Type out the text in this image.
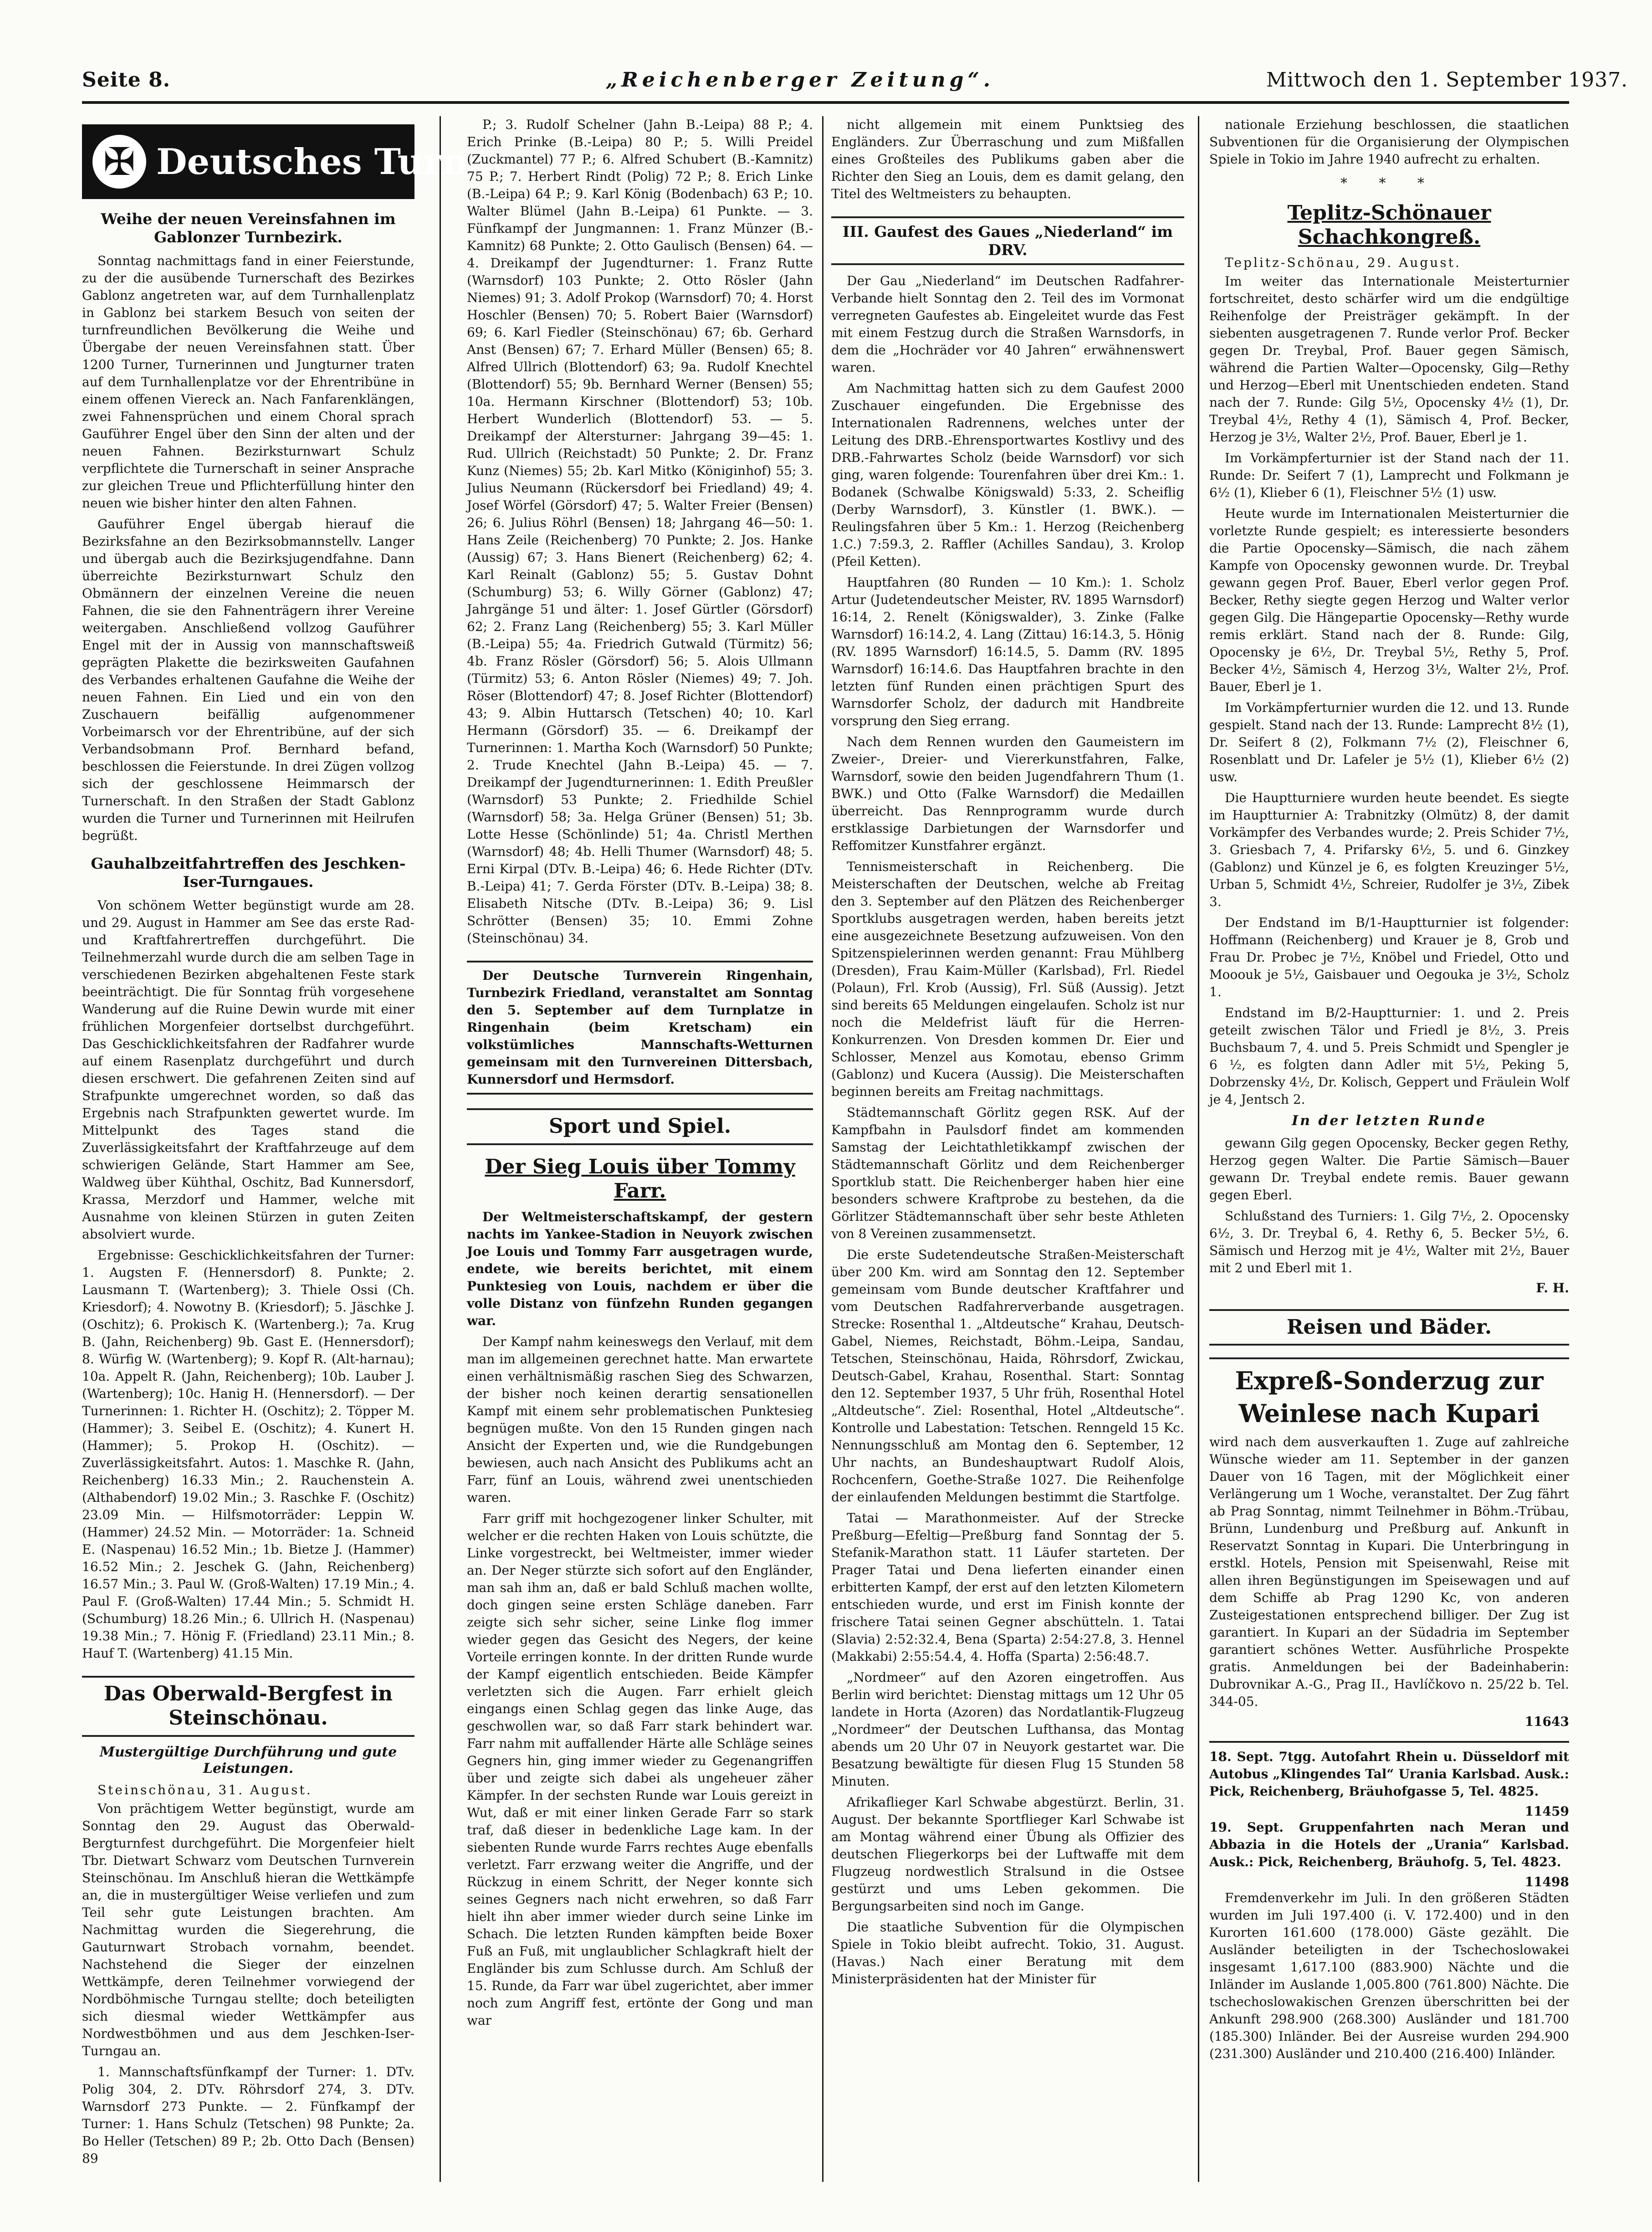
Seite 8.	„Reichenberger Zeitung“.	Mittwoch den 1. September 1937.
✠ Deutsches Turnen
Weihe der neuen Vereinsfahnen im Gablonzer Turnbezirk.

Sonntag nachmittags fand in einer Feierstunde, zu der die ausübende Turnerschaft des Bezirkes Gablonz angetreten war, auf dem Turnhallenplatz in Gablonz bei starkem Besuch von seiten der turnfreundlichen Bevölkerung die Weihe und Übergabe der neuen Vereinsfahnen statt. Über 1200 Turner, Turnerinnen und Jungturner traten auf dem Turnhallenplatze vor der Ehrentribüne in einem offenen Viereck an. Nach Fanfarenklängen, zwei Fahnensprüchen und einem Choral sprach Gauführer Engel über den Sinn der alten und der neuen Fahnen. Bezirksturnwart Schulz verpflichtete die Turnerschaft in seiner Ansprache zur gleichen Treue und Pflichterfüllung hinter den neuen wie bisher hinter den alten Fahnen.

Gauführer Engel übergab hierauf die Bezirksfahne an den Bezirksobmannstellv. Langer und übergab auch die Bezirksjugendfahne. Dann überreichte Bezirksturnwart Schulz den Obmännern der einzelnen Vereine die neuen Fahnen, die sie den Fahnenträgern ihrer Vereine weitergaben. Anschließend vollzog Gauführer Engel mit der in Aussig von mannschaftsweiß geprägten Plakette die bezirksweiten Gaufahnen des Verbandes erhaltenen Gaufahne die Weihe der neuen Fahnen. Ein Lied und ein von den Zuschauern beifällig aufgenommener Vorbeimarsch vor der Ehrentribüne, auf der sich Verbandsobmann Prof. Bernhard befand, beschlossen die Feierstunde. In drei Zügen vollzog sich der geschlossene Heimmarsch der Turnerschaft. In den Straßen der Stadt Gablonz wurden die Turner und Turnerinnen mit Heilrufen begrüßt.

Gauhalbzeitfahrtreffen des Jeschken-Iser-Turngaues.

Von schönem Wetter begünstigt wurde am 28. und 29. August in Hammer am See das erste Rad- und Kraftfahrertreffen durchgeführt. Die Teilnehmerzahl wurde durch die am selben Tage in verschiedenen Bezirken abgehaltenen Feste stark beeinträchtigt. Die für Sonntag früh vorgesehene Wanderung auf die Ruine Dewin wurde mit einer frühlichen Morgenfeier dortselbst durchgeführt. Das Geschicklichkeitsfahren der Radfahrer wurde auf einem Rasenplatz durchgeführt und durch diesen erschwert. Die gefahrenen Zeiten sind auf Strafpunkte umgerechnet worden, so daß das Ergebnis nach Strafpunkten gewertet wurde. Im Mittelpunkt des Tages stand die Zuverlässigkeitsfahrt der Kraftfahrzeuge auf dem schwierigen Gelände, Start Hammer am See, Waldweg über Kühthal, Oschitz, Bad Kunnersdorf, Krassa, Merzdorf und Hammer, welche mit Ausnahme von kleinen Stürzen in guten Zeiten absolviert wurde.

Ergebnisse: Geschicklichkeitsfahren der Turner: 1. Augsten F. (Hennersdorf) 8. Punkte; 2. Lausmann T. (Wartenberg); 3. Thiele Ossi (Ch. Kriesdorf); 4. Nowotny B. (Kriesdorf); 5. Jäschke J. (Oschitz); 6. Prokisch K. (Wartenberg.); 7a. Krug B. (Jahn, Reichenberg) 9b. Gast E. (Hennersdorf); 8. Würfig W. (Wartenberg); 9. Kopf R. (Alt-harnau); 10a. Appelt R. (Jahn, Reichenberg); 10b. Lauber J. (Wartenberg); 10c. Hanig H. (Hennersdorf). — Der Turnerinnen: 1. Richter H. (Oschitz); 2. Töpper M. (Hammer); 3. Seibel E. (Oschitz); 4. Kunert H. (Hammer); 5. Prokop H. (Oschitz). — Zuverlässigkeitsfahrt. Autos: 1. Maschke R. (Jahn, Reichenberg) 16.33 Min.; 2. Rauchenstein A. (Althabendorf) 19.02 Min.; 3. Raschke F. (Oschitz) 23.09 Min. — Hilfsmotorräder: Leppin W. (Hammer) 24.52 Min. — Motorräder: 1a. Schneid E. (Naspenau) 16.52 Min.; 1b. Bietze J. (Hammer) 16.52 Min.; 2. Jeschek G. (Jahn, Reichenberg) 16.57 Min.; 3. Paul W. (Groß-Walten) 17.19 Min.; 4. Paul F. (Groß-Walten) 17.44 Min.; 5. Schmidt H. (Schumburg) 18.26 Min.; 6. Ullrich H. (Naspenau) 19.38 Min.; 7. Hönig F. (Friedland) 23.11 Min.; 8. Hauf T. (Wartenberg) 41.15 Min.

Das Oberwald-Bergfest in Steinschönau.
Mustergültige Durchführung und gute Leistungen.
Steinschönau, 31. August.

Von prächtigem Wetter begünstigt, wurde am Sonntag den 29. August das Oberwald-Bergturnfest durchgeführt. Die Morgenfeier hielt Tbr. Dietwart Schwarz vom Deutschen Turnverein Steinschönau. Im Anschluß hieran die Wettkämpfe an, die in mustergültiger Weise verliefen und zum Teil sehr gute Leistungen brachten. Am Nachmittag wurden die Siegerehrung, die Gauturnwart Strobach vornahm, beendet. Nachstehend die Sieger der einzelnen Wettkämpfe, deren Teilnehmer vorwiegend der Nordböhmische Turngau stellte; doch beteiligten sich diesmal wieder Wettkämpfer aus Nordwestböhmen und aus dem Jeschken-Iser-Turngau an.

1. Mannschaftsfünfkampf der Turner: 1. DTv. Polig 304, 2. DTv. Röhrsdorf 274, 3. DTv. Warnsdorf 273 Punkte. — 2. Fünfkampf der Turner: 1. Hans Schulz (Tetschen) 98 Punkte; 2a. Bo Heller (Tetschen) 89 P.; 2b. Otto Dach (Bensen) 89

P.; 3. Rudolf Schelner (Jahn B.-Leipa) 88 P.; 4. Erich Prinke (B.-Leipa) 80 P.; 5. Willi Preidel (Zuckmantel) 77 P.; 6. Alfred Schubert (B.-Kamnitz) 75 P.; 7. Herbert Rindt (Polig) 72 P.; 8. Erich Linke (B.-Leipa) 64 P.; 9. Karl König (Bodenbach) 63 P.; 10. Walter Blümel (Jahn B.-Leipa) 61 Punkte. — 3. Fünfkampf der Jungmannen: 1. Franz Münzer (B.-Kamnitz) 68 Punkte; 2. Otto Gaulisch (Bensen) 64. — 4. Dreikampf der Jugendturner: 1. Franz Rutte (Warnsdorf) 103 Punkte; 2. Otto Rösler (Jahn Niemes) 91; 3. Adolf Prokop (Warnsdorf) 70; 4. Horst Hoschler (Bensen) 70; 5. Robert Baier (Warnsdorf) 69; 6. Karl Fiedler (Steinschönau) 67; 6b. Gerhard Anst (Bensen) 67; 7. Erhard Müller (Bensen) 65; 8. Alfred Ullrich (Blottendorf) 63; 9a. Rudolf Knechtel (Blottendorf) 55; 9b. Bernhard Werner (Bensen) 55; 10a. Hermann Kirschner (Blottendorf) 53; 10b. Herbert Wunderlich (Blottendorf) 53. — 5. Dreikampf der Altersturner: Jahrgang 39—45: 1. Rud. Ullrich (Reichstadt) 50 Punkte; 2. Dr. Franz Kunz (Niemes) 55; 2b. Karl Mitko (Königinhof) 55; 3. Julius Neumann (Rückersdorf bei Friedland) 49; 4. Josef Wörfel (Görsdorf) 47; 5. Walter Freier (Bensen) 26; 6. Julius Röhrl (Bensen) 18; Jahrgang 46—50: 1. Hans Zeile (Reichenberg) 70 Punkte; 2. Jos. Hanke (Aussig) 67; 3. Hans Bienert (Reichenberg) 62; 4. Karl Reinalt (Gablonz) 55; 5. Gustav Dohnt (Schumburg) 53; 6. Willy Görner (Gablonz) 47; Jahrgänge 51 und älter: 1. Josef Gürtler (Görsdorf) 62; 2. Franz Lang (Reichenberg) 55; 3. Karl Müller (B.-Leipa) 55; 4a. Friedrich Gutwald (Türmitz) 56; 4b. Franz Rösler (Görsdorf) 56; 5. Alois Ullmann (Türmitz) 53; 6. Anton Rösler (Niemes) 49; 7. Joh. Röser (Blottendorf) 47; 8. Josef Richter (Blottendorf) 43; 9. Albin Huttarsch (Tetschen) 40; 10. Karl Hermann (Görsdorf) 35. — 6. Dreikampf der Turnerinnen: 1. Martha Koch (Warnsdorf) 50 Punkte; 2. Trude Knechtel (Jahn B.-Leipa) 45. — 7. Dreikampf der Jugendturnerinnen: 1. Edith Preußler (Warnsdorf) 53 Punkte; 2. Friedhilde Schiel (Warnsdorf) 58; 3a. Helga Grüner (Bensen) 51; 3b. Lotte Hesse (Schönlinde) 51; 4a. Christl Merthen (Warnsdorf) 48; 4b. Helli Thumer (Warnsdorf) 48; 5. Erni Kirpal (DTv. B.-Leipa) 46; 6. Hede Richter (DTv. B.-Leipa) 41; 7. Gerda Förster (DTv. B.-Leipa) 38; 8. Elisabeth Nitsche (DTv. B.-Leipa) 36; 9. Lisl Schrötter (Bensen) 35; 10. Emmi Zohne (Steinschönau) 34.

Der Deutsche Turnverein Ringenhain, Turnbezirk Friedland, veranstaltet am Sonntag den 5. September auf dem Turnplatze in Ringenhain (beim Kretscham) ein volkstümliches Mannschafts-Wetturnen gemeinsam mit den Turnvereinen Dittersbach, Kunnersdorf und Hermsdorf.

Sport und Spiel.
Der Sieg Louis über Tommy Farr.

Der Weltmeisterschaftskampf, der gestern nachts im Yankee-Stadion in Neuyork zwischen Joe Louis und Tommy Farr ausgetragen wurde, endete, wie bereits berichtet, mit einem Punktesieg von Louis, nachdem er über die volle Distanz von fünfzehn Runden gegangen war.

Der Kampf nahm keineswegs den Verlauf, mit dem man im allgemeinen gerechnet hatte. Man erwartete einen verhältnismäßig raschen Sieg des Schwarzen, der bisher noch keinen derartig sensationellen Kampf mit einem sehr problematischen Punktesieg begnügen mußte. Von den 15 Runden gingen nach Ansicht der Experten und, wie die Rundgebungen bewiesen, auch nach Ansicht des Publikums acht an Farr, fünf an Louis, während zwei unentschieden waren.

Farr griff mit hochgezogener linker Schulter, mit welcher er die rechten Haken von Louis schützte, die Linke vorgestreckt, bei Weltmeister, immer wieder an. Der Neger stürzte sich sofort auf den Engländer, man sah ihm an, daß er bald Schluß machen wollte, doch gingen seine ersten Schläge daneben. Farr zeigte sich sehr sicher, seine Linke flog immer wieder gegen das Gesicht des Negers, der keine Vorteile erringen konnte. In der dritten Runde wurde der Kampf eigentlich entschieden. Beide Kämpfer verletzten sich die Augen. Farr erhielt gleich eingangs einen Schlag gegen das linke Auge, das geschwollen war, so daß Farr stark behindert war. Farr nahm mit auffallender Härte alle Schläge seines Gegners hin, ging immer wieder zu Gegenangriffen über und zeigte sich dabei als ungeheuer zäher Kämpfer. In der sechsten Runde war Louis gereizt in Wut, daß er mit einer linken Gerade Farr so stark traf, daß dieser in bedenkliche Lage kam. In der siebenten Runde wurde Farrs rechtes Auge ebenfalls verletzt. Farr erzwang weiter die Angriffe, und der Rückzug in einem Schritt, der Neger konnte sich seines Gegners nach nicht erwehren, so daß Farr hielt ihn aber immer wieder durch seine Linke im Schach. Die letzten Runden kämpften beide Boxer Fuß an Fuß, mit unglaublicher Schlagkraft hielt der Engländer bis zum Schlusse durch. Am Schluß der 15. Runde, da Farr war übel zugerichtet, aber immer noch zum Angriff fest, ertönte der Gong und man war

nicht allgemein mit einem Punktsieg des Engländers. Zur Überraschung und zum Mißfallen eines Großteiles des Publikums gaben aber die Richter den Sieg an Louis, dem es damit gelang, den Titel des Weltmeisters zu behaupten.

III. Gaufest des Gaues „Niederland“ im DRV.

Der Gau „Niederland“ im Deutschen Radfahrer-Verbande hielt Sonntag den 2. Teil des im Vormonat verregneten Gaufestes ab. Eingeleitet wurde das Fest mit einem Festzug durch die Straßen Warnsdorfs, in dem die „Hochräder vor 40 Jahren“ erwähnenswert waren.

Am Nachmittag hatten sich zu dem Gaufest 2000 Zuschauer eingefunden. Die Ergebnisse des Internationalen Radrennens, welches unter der Leitung des DRB.-Ehrensportwartes Kostlivy und des DRB.-Fahrwartes Scholz (beide Warnsdorf) vor sich ging, waren folgende: Tourenfahren über drei Km.: 1. Bodanek (Schwalbe Königswald) 5:33, 2. Scheiflig (Derby Warnsdorf), 3. Künstler (1. BWK.). — Reulingsfahren über 5 Km.: 1. Herzog (Reichenberg 1.C.) 7:59.3, 2. Raffler (Achilles Sandau), 3. Krolop (Pfeil Ketten).

Hauptfahren (80 Runden — 10 Km.): 1. Scholz Artur (Judetendeutscher Meister, RV. 1895 Warnsdorf) 16:14, 2. Renelt (Königswalder), 3. Zinke (Falke Warnsdorf) 16:14.2, 4. Lang (Zittau) 16:14.3, 5. Hönig (RV. 1895 Warnsdorf) 16:14.5, 5. Damm (RV. 1895 Warnsdorf) 16:14.6. Das Hauptfahren brachte in den letzten fünf Runden einen prächtigen Spurt des Warnsdorfer Scholz, der dadurch mit Handbreite vorsprung den Sieg errang.

Nach dem Rennen wurden den Gaumeistern im Zweier-, Dreier- und Viererkunstfahren, Falke, Warnsdorf, sowie den beiden Jugendfahrern Thum (1. BWK.) und Otto (Falke Warnsdorf) die Medaillen überreicht. Das Rennprogramm wurde durch erstklassige Darbietungen der Warnsdorfer und Reffomitzer Kunstfahrer ergänzt.

Tennismeisterschaft in Reichenberg. Die Meisterschaften der Deutschen, welche ab Freitag den 3. September auf den Plätzen des Reichenberger Sportklubs ausgetragen werden, haben bereits jetzt eine ausgezeichnete Besetzung aufzuweisen. Von den Spitzenspielerinnen werden genannt: Frau Mühlberg (Dresden), Frau Kaim-Müller (Karlsbad), Frl. Riedel (Polaun), Frl. Krob (Aussig), Frl. Süß (Aussig). Jetzt sind bereits 65 Meldungen eingelaufen. Scholz ist nur noch die Meldefrist läuft für die Herren-Konkurrenzen. Von Dresden kommen Dr. Eier und Schlosser, Menzel aus Komotau, ebenso Grimm (Gablonz) und Kucera (Aussig). Die Meisterschaften beginnen bereits am Freitag nachmittags.

Städtemannschaft Görlitz gegen RSK. Auf der Kampfbahn in Paulsdorf findet am kommenden Samstag der Leichtathletikkampf zwischen der Städtemannschaft Görlitz und dem Reichenberger Sportklub statt. Die Reichenberger haben hier eine besonders schwere Kraftprobe zu bestehen, da die Görlitzer Städtemannschaft über sehr beste Athleten von 8 Vereinen zusammensetzt.

Die erste Sudetendeutsche Straßen-Meisterschaft über 200 Km. wird am Sonntag den 12. September gemeinsam vom Bunde deutscher Kraftfahrer und vom Deutschen Radfahrerverbande ausgetragen. Strecke: Rosenthal 1. „Altdeutsche“ Krahau, Deutsch-Gabel, Niemes, Reichstadt, Böhm.-Leipa, Sandau, Tetschen, Steinschönau, Haida, Röhrsdorf, Zwickau, Deutsch-Gabel, Krahau, Rosenthal. Start: Sonntag den 12. September 1937, 5 Uhr früh, Rosenthal Hotel „Altdeutsche“. Ziel: Rosenthal, Hotel „Altdeutsche“. Kontrolle und Labestation: Tetschen. Renngeld 15 Kc. Nennungsschluß am Montag den 6. September, 12 Uhr nachts, an Bundeshauptwart Rudolf Alois, Rochcenfern, Goethe-Straße 1027. Die Reihenfolge der einlaufenden Meldungen bestimmt die Startfolge.

Tatai — Marathonmeister. Auf der Strecke Preßburg—Efeltig—Preßburg fand Sonntag der 5. Stefanik-Marathon statt. 11 Läufer starteten. Der Prager Tatai und Dena lieferten einander einen erbitterten Kampf, der erst auf den letzten Kilometern entschieden wurde, und erst im Finish konnte der frischere Tatai seinen Gegner abschütteln. 1. Tatai (Slavia) 2:52:32.4, Bena (Sparta) 2:54:27.8, 3. Hennel (Makkabi) 2:55:54.4, 4. Hoffa (Sparta) 2:56:48.7.

„Nordmeer“ auf den Azoren eingetroffen. Aus Berlin wird berichtet: Dienstag mittags um 12 Uhr 05 landete in Horta (Azoren) das Nordatlantik-Flugzeug „Nordmeer“ der Deutschen Lufthansa, das Montag abends um 20 Uhr 07 in Neuyork gestartet war. Die Besatzung bewältigte für diesen Flug 15 Stunden 58 Minuten.

Afrikaflieger Karl Schwabe abgestürzt. Berlin, 31. August. Der bekannte Sportflieger Karl Schwabe ist am Montag während einer Übung als Offizier des deutschen Fliegerkorps bei der Luftwaffe mit dem Flugzeug nordwestlich Stralsund in die Ostsee gestürzt und ums Leben gekommen. Die Bergungsarbeiten sind noch im Gange.

Die staatliche Subvention für die Olympischen Spiele in Tokio bleibt aufrecht. Tokio, 31. August. (Havas.) Nach einer Beratung mit dem Ministerpräsidenten hat der Minister für

nationale Erziehung beschlossen, die staatlichen Subventionen für die Organisierung der Olympischen Spiele in Tokio im Jahre 1940 aufrecht zu erhalten.

* * *
Teplitz-Schönauer Schachkongreß.
Teplitz-Schönau, 29. August.

Im weiter das Internationale Meisterturnier fortschreitet, desto schärfer wird um die endgültige Reihenfolge der Preisträger gekämpft. In der siebenten ausgetragenen 7. Runde verlor Prof. Becker gegen Dr. Treybal, Prof. Bauer gegen Sämisch, während die Partien Walter—Opocensky, Gilg—Rethy und Herzog—Eberl mit Unentschieden endeten. Stand nach der 7. Runde: Gilg 5½, Opocensky 4½ (1), Dr. Treybal 4½, Rethy 4 (1), Sämisch 4, Prof. Becker, Herzog je 3½, Walter 2½, Prof. Bauer, Eberl je 1.

Im Vorkämpferturnier ist der Stand nach der 11. Runde: Dr. Seifert 7 (1), Lamprecht und Folkmann je 6½ (1), Klieber 6 (1), Fleischner 5½ (1) usw.

Heute wurde im Internationalen Meisterturnier die vorletzte Runde gespielt; es interessierte besonders die Partie Opocensky—Sämisch, die nach zähem Kampfe von Opocensky gewonnen wurde. Dr. Treybal gewann gegen Prof. Bauer, Eberl verlor gegen Prof. Becker, Rethy siegte gegen Herzog und Walter verlor gegen Gilg. Die Hängepartie Opocensky—Rethy wurde remis erklärt. Stand nach der 8. Runde: Gilg, Opocensky je 6½, Dr. Treybal 5½, Rethy 5, Prof. Becker 4½, Sämisch 4, Herzog 3½, Walter 2½, Prof. Bauer, Eberl je 1.

Im Vorkämpferturnier wurden die 12. und 13. Runde gespielt. Stand nach der 13. Runde: Lamprecht 8½ (1), Dr. Seifert 8 (2), Folkmann 7½ (2), Fleischner 6, Rosenblatt und Dr. Lafeler je 5½ (1), Klieber 6½ (2) usw.

Die Hauptturniere wurden heute beendet. Es siegte im Hauptturnier A: Trabnitzky (Olmütz) 8, der damit Vorkämpfer des Verbandes wurde; 2. Preis Schider 7½, 3. Griesbach 7, 4. Prifarsky 6½, 5. und 6. Ginzkey (Gablonz) und Künzel je 6, es folgten Kreuzinger 5½, Urban 5, Schmidt 4½, Schreier, Rudolfer je 3½, Zibek 3.

Der Endstand im B/1-Hauptturnier ist folgender: Hoffmann (Reichenberg) und Krauer je 8, Grob und Frau Dr. Probec je 7½, Knöbel und Friedel, Otto und Mooouk je 5½, Gaisbauer und Oegouka je 3½, Scholz 1.

Endstand im B/2-Hauptturnier: 1. und 2. Preis geteilt zwischen Tälor und Friedl je 8½, 3. Preis Buchsbaum 7, 4. und 5. Preis Schmidt und Spengler je 6 ½, es folgten dann Adler mit 5½, Peking 5, Dobrzensky 4½, Dr. Kolisch, Geppert und Fräulein Wolf je 4, Jentsch 2.

In der letzten Runde

gewann Gilg gegen Opocensky, Becker gegen Rethy, Herzog gegen Walter. Die Partie Sämisch—Bauer gewann Dr. Treybal endete remis. Bauer gewann gegen Eberl.

Schlußstand des Turniers: 1. Gilg 7½, 2. Opocensky 6½, 3. Dr. Treybal 6, 4. Rethy 6, 5. Becker 5½, 6. Sämisch und Herzog mit je 4½, Walter mit 2½, Bauer mit 2 und Eberl mit 1.

F. H.
Reisen und Bäder.
Expreß-Sonderzug zur
Weinlese nach Kupari

wird nach dem ausverkauften 1. Zuge auf zahlreiche Wünsche wieder am 11. September in der ganzen Dauer von 16 Tagen, mit der Möglichkeit einer Verlängerung um 1 Woche, veranstaltet. Der Zug fährt ab Prag Sonntag, nimmt Teilnehmer in Böhm.-Trübau, Brünn, Lundenburg und Preßburg auf. Ankunft in Reservatzt Sonntag in Kupari. Die Unterbringung in erstkl. Hotels, Pension mit Speisenwahl, Reise mit allen ihren Begünstigungen im Speisewagen und auf dem Schiffe ab Prag 1290 Kc, von anderen Zusteigestationen entsprechend billiger. Der Zug ist garantiert. In Kupari an der Südadria im September garantiert schönes Wetter. Ausführliche Prospekte gratis. Anmeldungen bei der Badeinhaberin: Dubrovnikar A.-G., Prag II., Havlíčkovo n. 25/22 b. Tel. 344-05.

11643

18. Sept. 7tgg. Autofahrt Rhein u. Düsseldorf mit Autobus „Klingendes Tal“ Urania Karlsbad. Ausk.: Pick, Reichenberg, Bräuhofgasse 5, Tel. 4825.

11459

19. Sept. Gruppenfahrten nach Meran und Abbazia in die Hotels der „Urania“ Karlsbad. Ausk.: Pick, Reichenberg, Bräuhofg. 5, Tel. 4823.

11498

Fremdenverkehr im Juli. In den größeren Städten wurden im Juli 197.400 (i. V. 172.400) und in den Kurorten 161.600 (178.000) Gäste gezählt. Die Ausländer beteiligten in der Tschechoslowakei insgesamt 1,617.100 (883.900) Nächte und die Inländer im Auslande 1,005.800 (761.800) Nächte. Die tschechoslowakischen Grenzen überschritten bei der Ankunft 298.900 (268.300) Ausländer und 181.700 (185.300) Inländer. Bei der Ausreise wurden 294.900 (231.300) Ausländer und 210.400 (216.400) Inländer.
